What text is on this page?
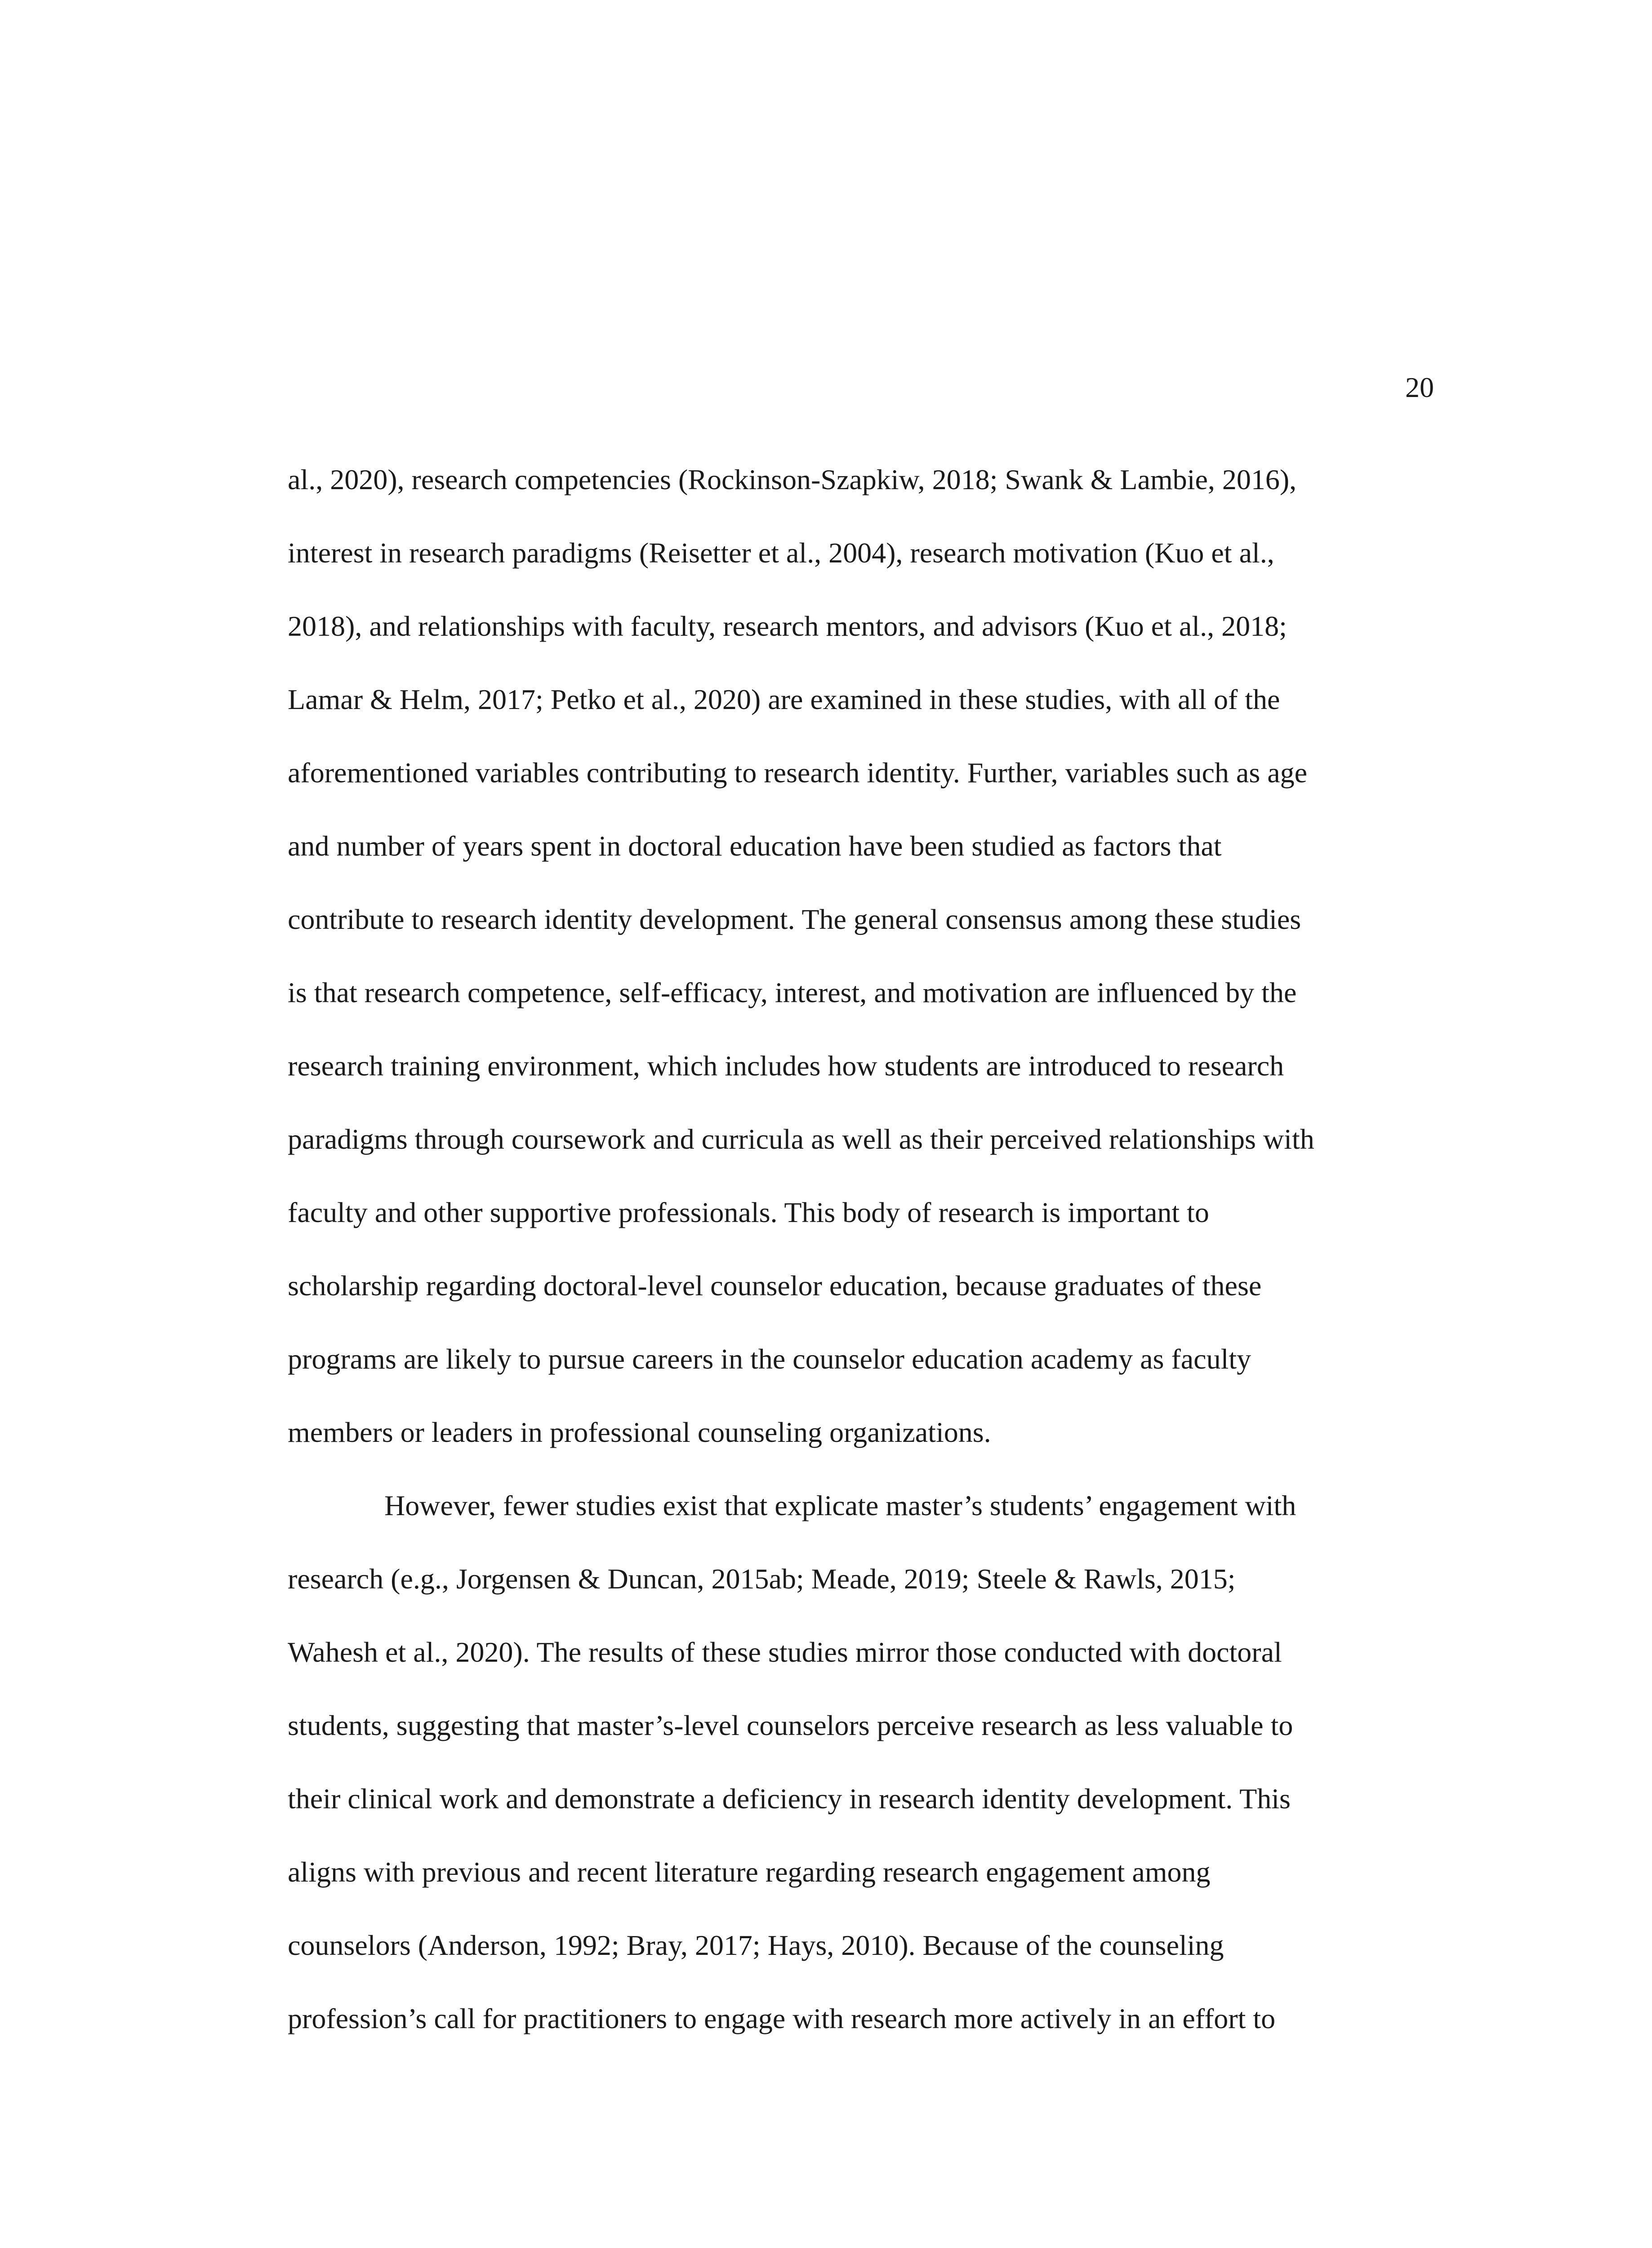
20

al., 2020), research competencies (Rockinson-Szapkiw, 2018; Swank & Lambie, 2016),

interest in research paradigms (Reisetter et al., 2004), research motivation (Kuo et al.,

2018), and relationships with faculty, research mentors, and advisors (Kuo et al., 2018;

Lamar & Helm, 2017; Petko et al., 2020) are examined in these studies, with all of the

aforementioned variables contributing to research identity. Further, variables such as age

and number of years spent in doctoral education have been studied as factors that

contribute to research identity development. The general consensus among these studies

is that research competence, self-efficacy, interest, and motivation are influenced by the

research training environment, which includes how students are introduced to research

paradigms through coursework and curricula as well as their perceived relationships with

faculty and other supportive professionals. This body of research is important to

scholarship regarding doctoral-level counselor education, because graduates of these

programs are likely to pursue careers in the counselor education academy as faculty

members or leaders in professional counseling organizations.

However, fewer studies exist that explicate master’s students’ engagement with

research (e.g., Jorgensen & Duncan, 2015ab; Meade, 2019; Steele & Rawls, 2015;

Wahesh et al., 2020). The results of these studies mirror those conducted with doctoral

students, suggesting that master’s-level counselors perceive research as less valuable to

their clinical work and demonstrate a deficiency in research identity development. This

aligns with previous and recent literature regarding research engagement among

counselors (Anderson, 1992; Bray, 2017; Hays, 2010). Because of the counseling

profession’s call for practitioners to engage with research more actively in an effort to
